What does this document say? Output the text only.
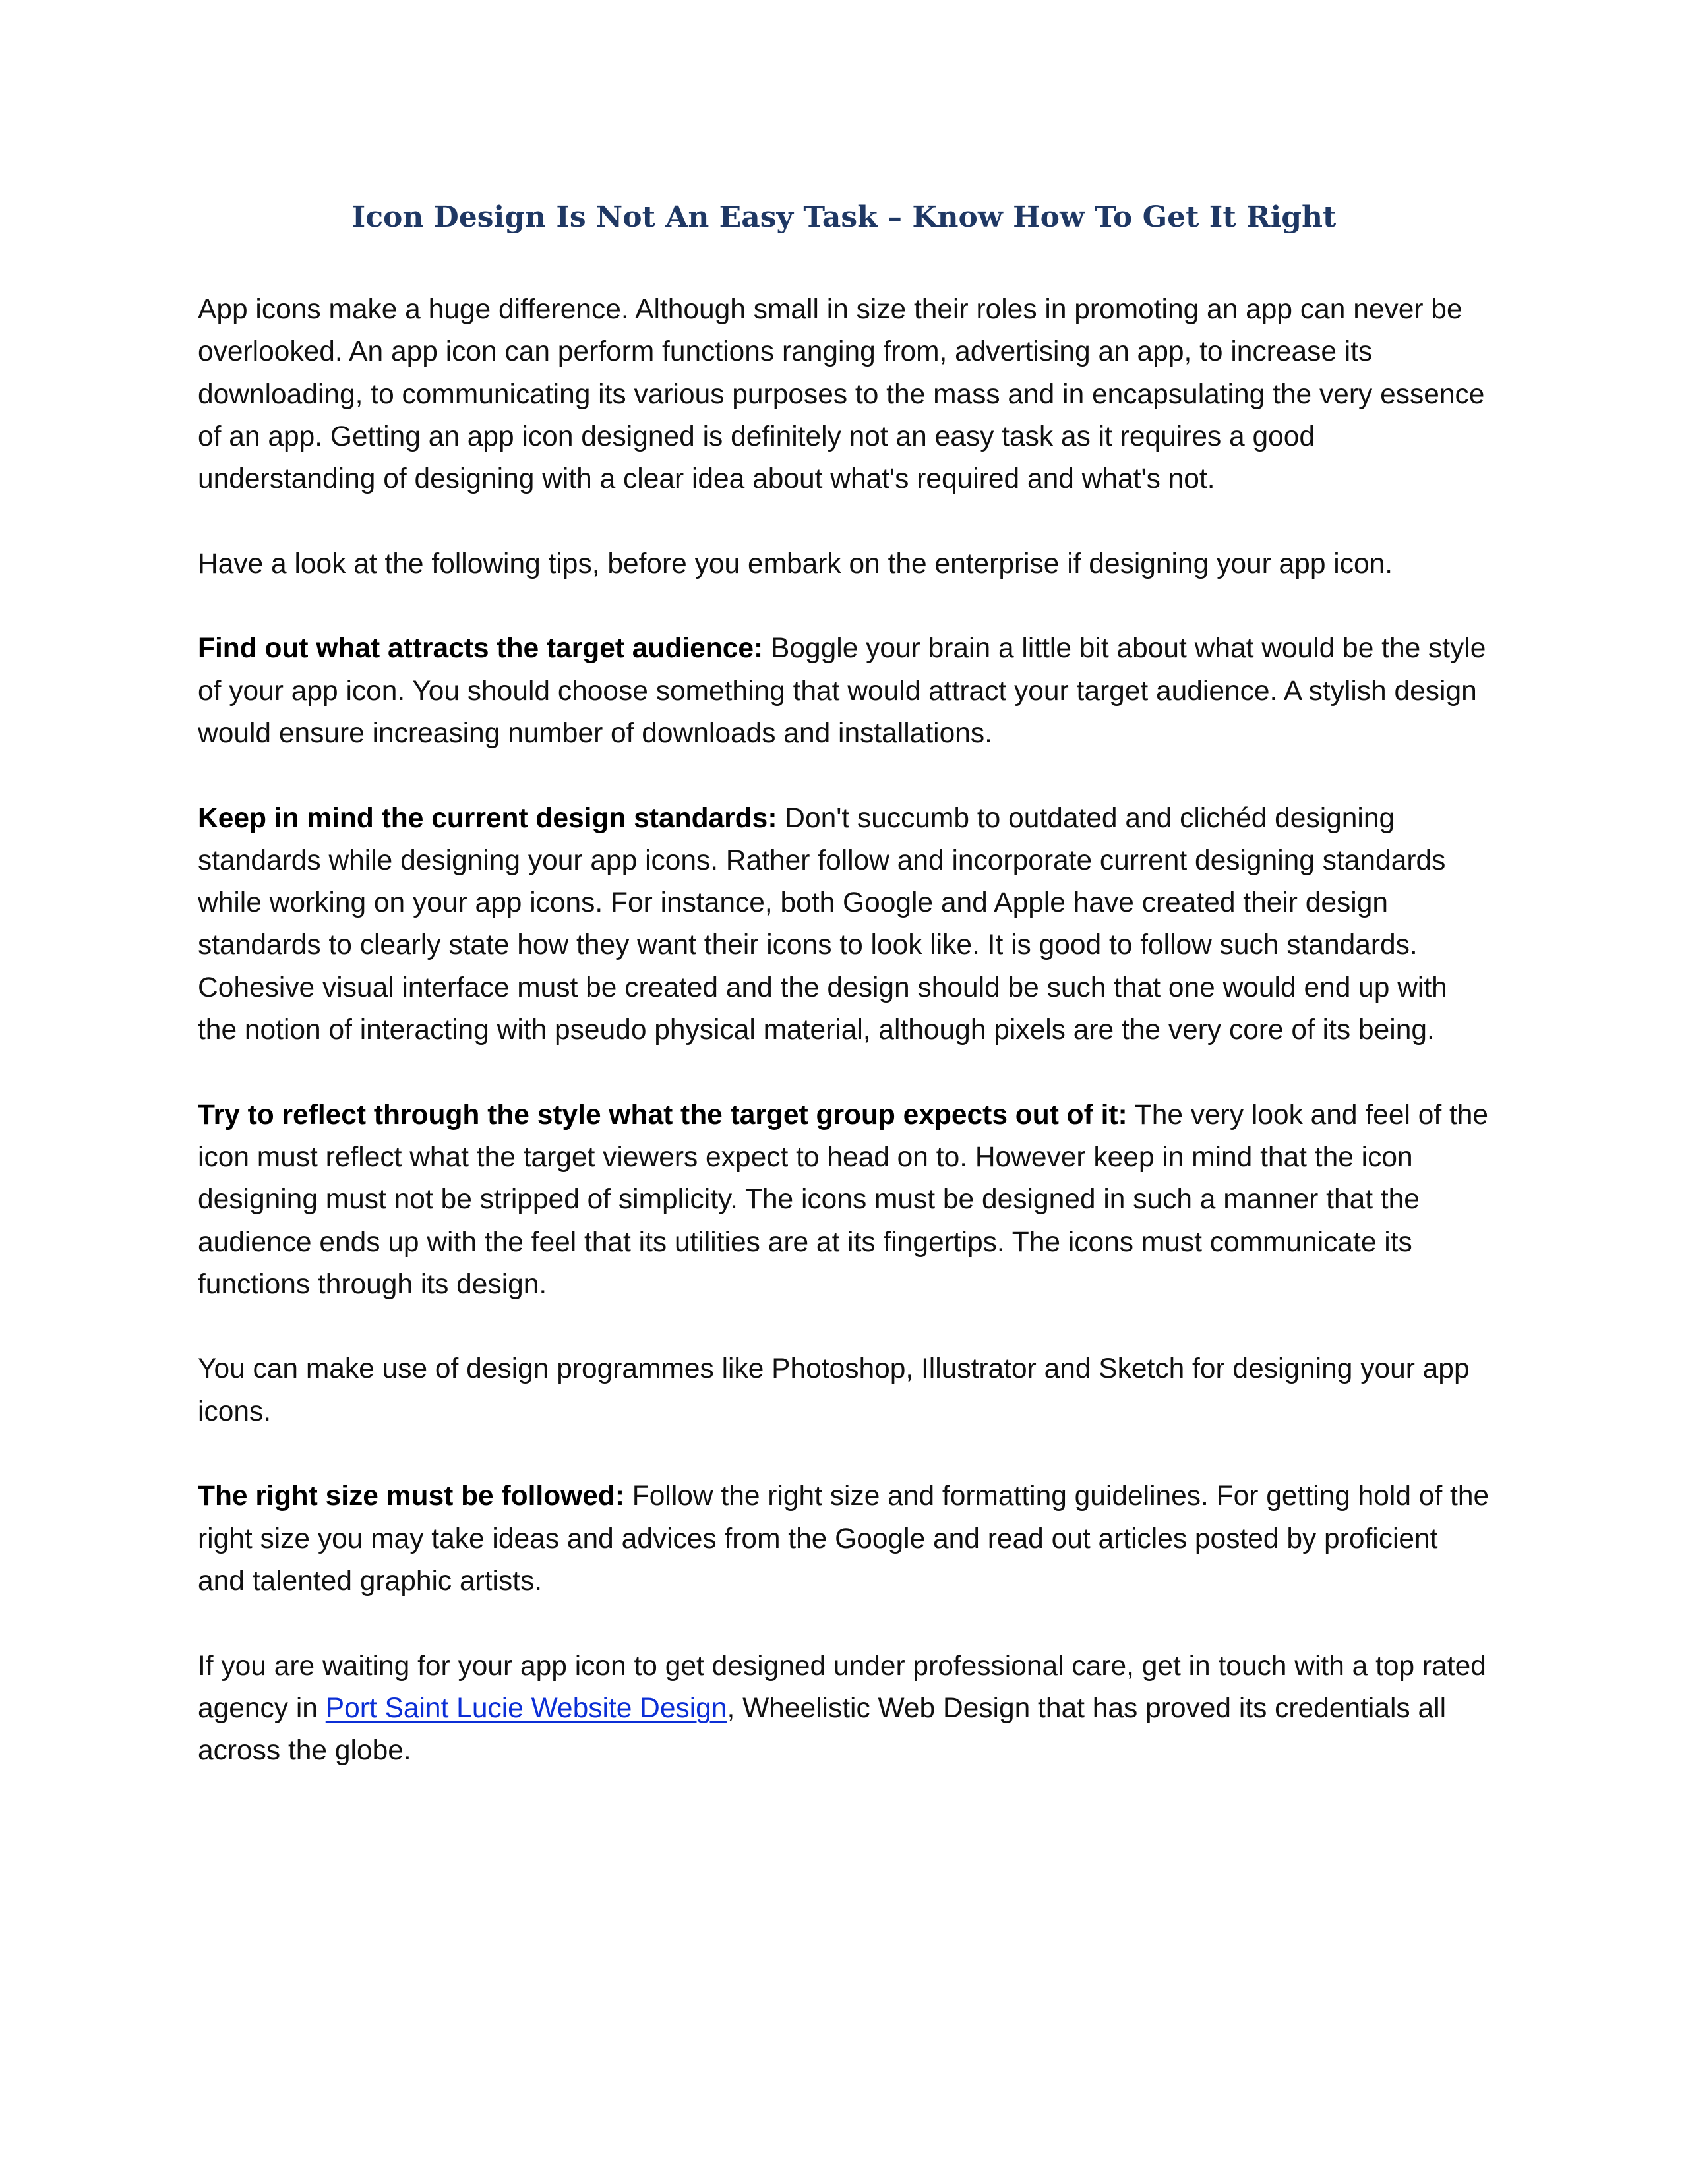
Icon Design Is Not An Easy Task – Know How To Get It Right

App icons make a huge difference. Although small in size their roles in promoting an app can never be overlooked. An app icon can perform functions ranging from, advertising an app, to increase its downloading, to communicating its various purposes to the mass and in encapsulating the very essence of an app. Getting an app icon designed is definitely not an easy task as it requires a good understanding of designing with a clear idea about what's required and what's not.

Have a look at the following tips, before you embark on the enterprise if designing your app icon.

Find out what attracts the target audience: Boggle your brain a little bit about what would be the style of your app icon. You should choose something that would attract your target audience. A stylish design would ensure increasing number of downloads and installations.

Keep in mind the current design standards: Don't succumb to outdated and clichéd designing standards while designing your app icons. Rather follow and incorporate current designing standards while working on your app icons. For instance, both Google and Apple have created their design standards to clearly state how they want their icons to look like. It is good to follow such standards. Cohesive visual interface must be created and the design should be such that one would end up with the notion of interacting with pseudo physical material, although pixels are the very core of its being.

Try to reflect through the style what the target group expects out of it: The very look and feel of the icon must reflect what the target viewers expect to head on to. However keep in mind that the icon designing must not be stripped of simplicity. The icons must be designed in such a manner that the audience ends up with the feel that its utilities are at its fingertips. The icons must communicate its functions through its design.

You can make use of design programmes like Photoshop, Illustrator and Sketch for designing your app icons.

The right size must be followed: Follow the right size and formatting guidelines. For getting hold of the right size you may take ideas and advices from the Google and read out articles posted by proficient and talented graphic artists.

If you are waiting for your app icon to get designed under professional care, get in touch with a top rated agency in Port Saint Lucie Website Design, Wheelistic Web Design that has proved its credentials all across the globe.
